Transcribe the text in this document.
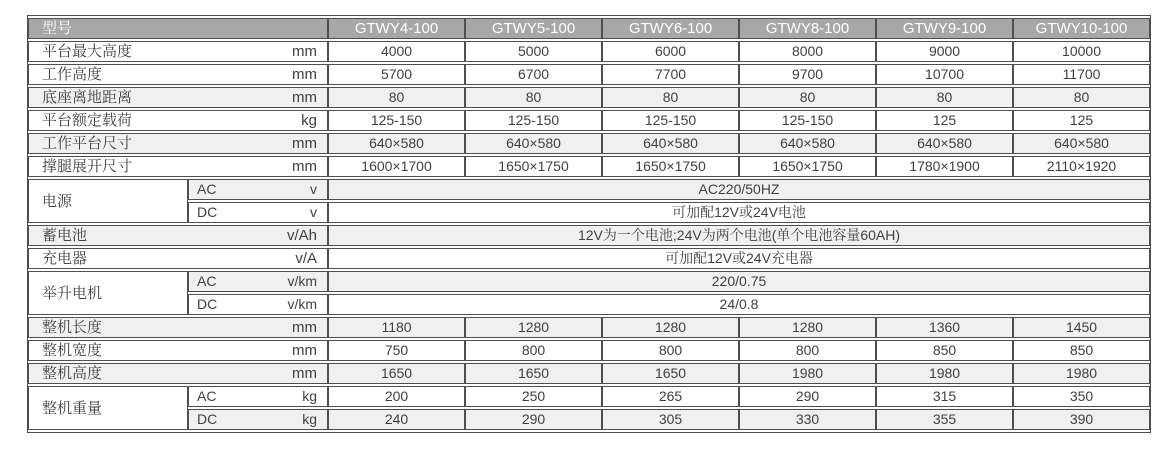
型号		GTWY4-100	GTWY5-100	GTWY6-100	GTWY8-100	GTWY9-100	GTWY10-100

平台最大高度 mm		4000	5000	6000	8000	9000	10000

工作高度 mm		5700	6700	7700	9700	10700	11700

底座离地距离 mm		80	80	80	80	80	80

平台额定载荷 kg		125-150	125-150	125-150	125-150	125	125

工作平台尺寸 mm		640×580	640×580	640×580	640×580	640×580	640×580

撑腿展开尺寸 mm		1600×1700	1650×1750	1650×1750	1650×1750	1780×1900	2110×1920
电源	AC v	AC220/50HZ					

	DC v	可加配12V或24V电池					

蓄电池 v/Ah		12V为一个电池;24V为两个电池(单个电池容量60AH)					

充电器 v/A		可加配12V或24V充电器					
举升电机	AC v/km	220/0.75					

	DC v/km	24/0.8					

整机长度 mm		1180	1280	1280	1280	1360	1450

整机宽度 mm		750	800	800	800	850	850

整机高度 mm		1650	1650	1650	1980	1980	1980
整机重量	AC kg	200	250	265	290	315	350

	DC kg	240	290	305	330	355	390
